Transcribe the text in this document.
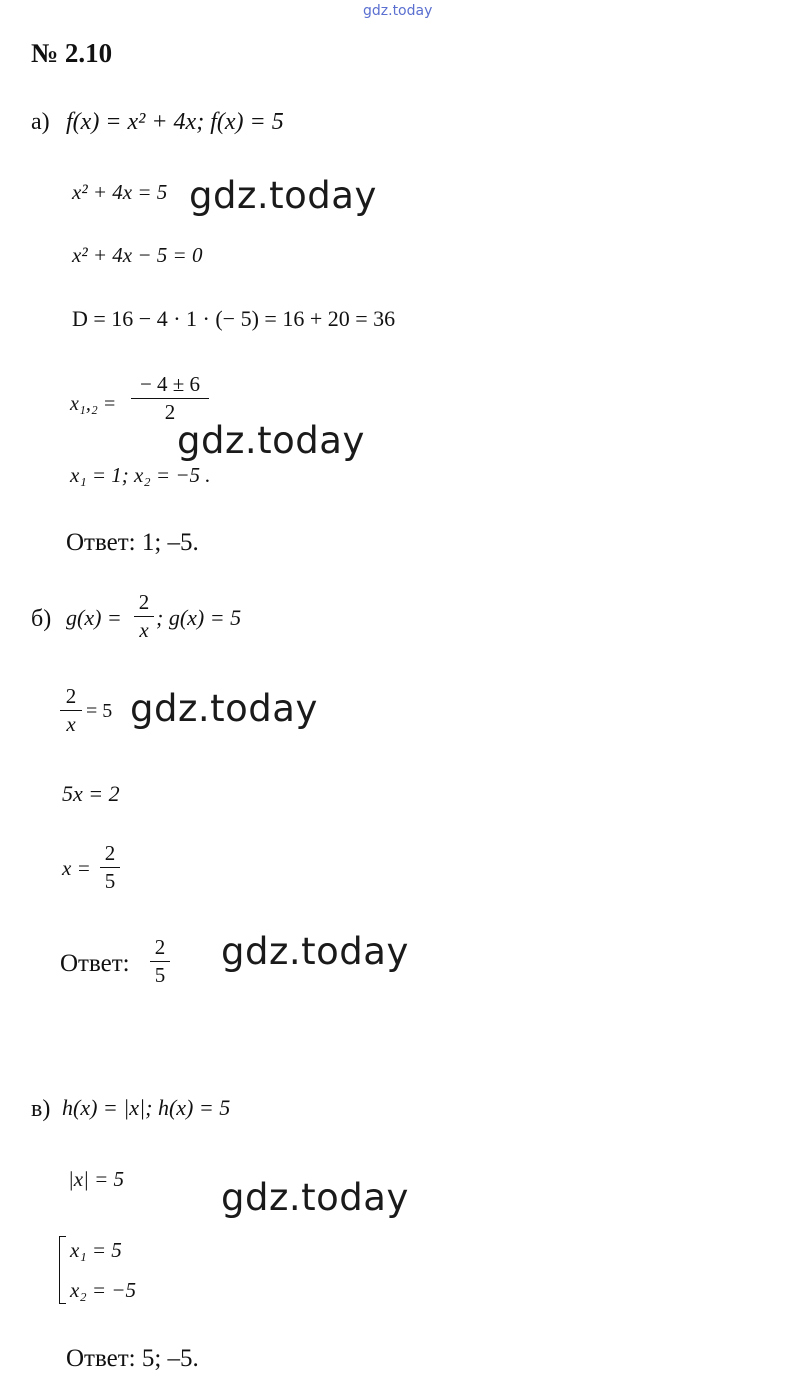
gdz.today
№ 2.10
а) f(x) = x² + 4x; f(x) = 5
x² + 4x = 5 gdz.today
x² + 4x − 5 = 0
D = 16 − 4 · 1 · (− 5) = 16 + 20 = 36
x₁,₂ =
− 4 ± 6
2
gdz.today
x₁ = 1; x₂ = −5 .
Ответ: 1; –5.
б) g(x) =
2
x ; g(x) = 5
2
x
= 5 gdz.today
5x = 2
x =
2
5
Ответ:
2
5
gdz.today
в) h(x) = |x|; h(x) = 5
|x| = 5	gdz.today
x₁ = 5
x₂ = −5
Ответ: 5; –5.
